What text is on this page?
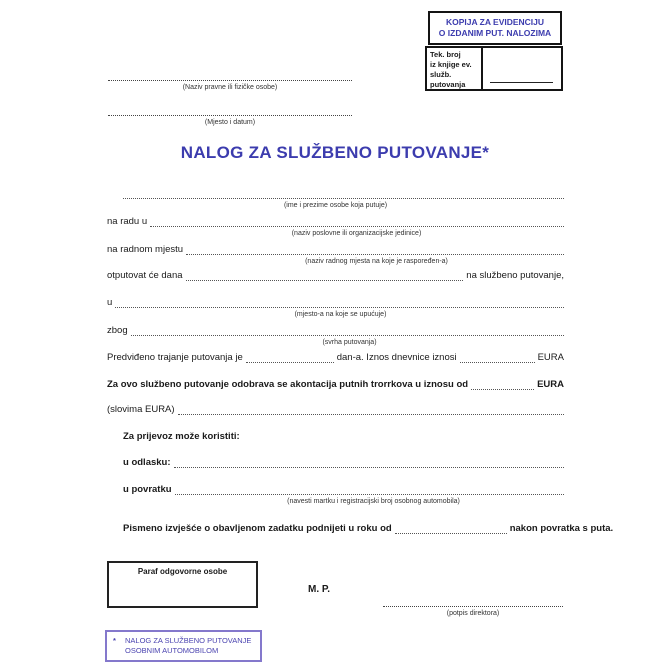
(Naziv pravne ili fizičke osobe)
(Mjesto i datum)
KOPIJA ZA EVIDENCIJU
O IZDANIM PUT. NALOZIMA
Tek. broj
iz knjige ev.
služb.
putovanja
NALOG ZA SLUŽBENO PUTOVANJE*
(ime i prezime osobe koja putuje)
na radu u
(naziv poslovne ili organizacijske jedinice)
na radnom mjestu
(naziv radnog mjesta na koje je raspoređen-a)
otputovat će dana	na službeno putovanje,
u
(mjesto-a na koje se upućuje)
zbog
(svrha putovanja)
Predviđeno trajanje putovanja je	dan-a. Iznos dnevnice iznosi	EURA
Za ovo službeno putovanje odobrava se akontacija putnih trorrkova u iznosu od	EURA
(slovima EURA)
Za prijevoz može koristiti:
u odlasku:
u povratku
(navesti martku i registracijski broj osobnog automobila)
Pismeno izvješće o obavljenom zadatku podnijeti u roku od	nakon povratka s puta.
Paraf odgovorne osobe
M. P.
(potpis direktora)
*	NALOG ZA SLUŽBENO PUTOVANJE
OSOBNIM AUTOMOBILOM
